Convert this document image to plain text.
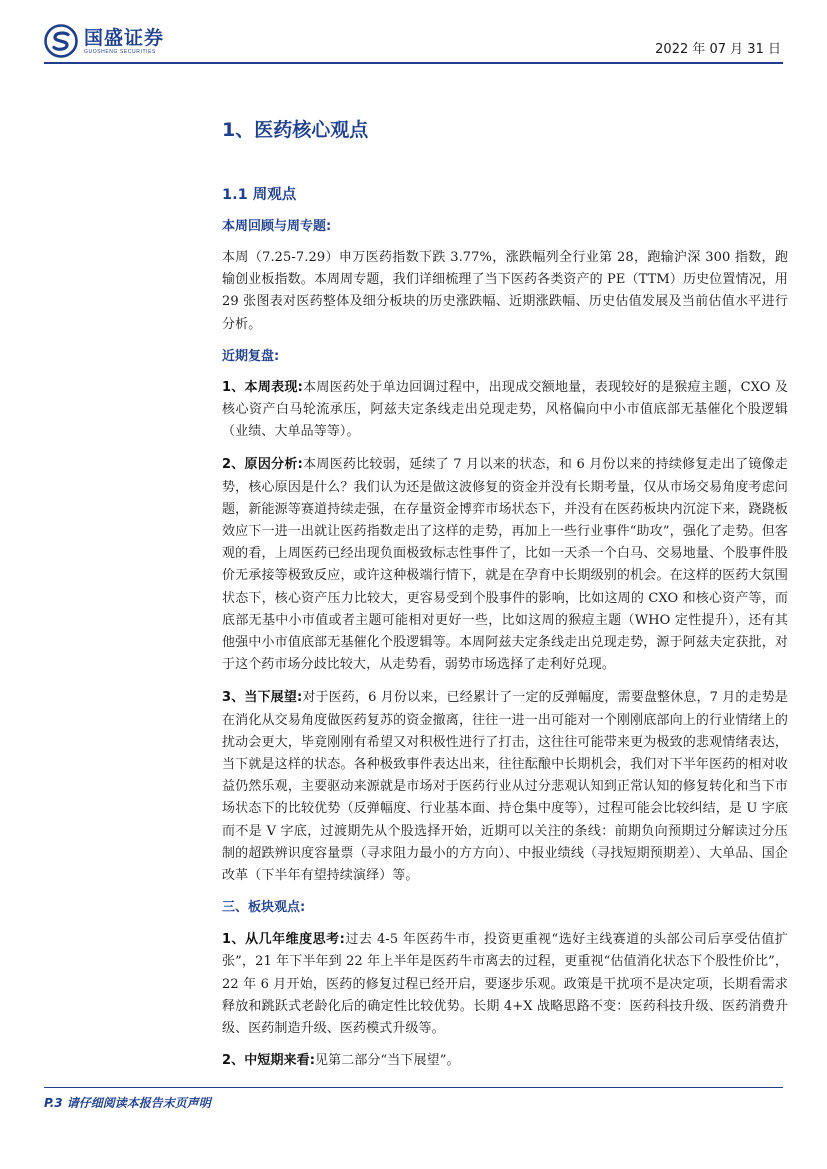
国盛证券
GUOSHENG SECURITIES	2022 年 07 月 31 日
1、医药核心观点
1.1 周观点
本周回顾与周专题:

本周（7.25-7.29）申万医药指数下跌 3.77%，涨跌幅列全行业第 28，跑输沪深 300 指数，跑输创业板指数。本周周专题，我们详细梳理了当下医药各类资产的 PE（TTM）历史位置情况，用 29 张图表对医药整体及细分板块的历史涨跌幅、近期涨跌幅、历史估值发展及当前估值水平进行分析。

近期复盘:

1、本周表现:本周医药处于单边回调过程中，出现成交额地量，表现较好的是猴痘主题，CXO 及核心资产白马轮流承压，阿兹夫定条线走出兑现走势，风格偏向中小市值底部无基催化个股逻辑（业绩、大单品等等）。

2、原因分析:本周医药比较弱，延续了 7 月以来的状态，和 6 月份以来的持续修复走出了镜像走势，核心原因是什么？我们认为还是做这波修复的资金并没有长期考量，仅从市场交易角度考虑问题，新能源等赛道持续走强，在存量资金博弈市场状态下，并没有在医药板块内沉淀下来，跷跷板效应下一进一出就让医药指数走出了这样的走势，再加上一些行业事件“助攻”，强化了走势。但客观的看，上周医药已经出现负面极致标志性事件了，比如一天杀一个白马、交易地量、个股事件股价无承接等极致反应，或许这种极端行情下，就是在孕育中长期级别的机会。在这样的医药大氛围状态下，核心资产压力比较大，更容易受到个股事件的影响，比如这周的 CXO 和核心资产等，而底部无基中小市值或者主题可能相对更好一些，比如这周的猴痘主题（WHO 定性提升），还有其他强中小市值底部无基催化个股逻辑等。本周阿兹夫定条线走出兑现走势，源于阿兹夫定获批，对于这个药市场分歧比较大，从走势看，弱势市场选择了走利好兑现。

3、当下展望:对于医药，6 月份以来，已经累计了一定的反弹幅度，需要盘整休息，7 月的走势是在消化从交易角度做医药复苏的资金撤离，往往一进一出可能对一个刚刚底部向上的行业情绪上的扰动会更大，毕竟刚刚有希望又对积极性进行了打击，这往往可能带来更为极致的悲观情绪表达，当下就是这样的状态。各种极致事件表达出来，往往酝酿中长期机会，我们对下半年医药的相对收益仍然乐观，主要驱动来源就是市场对于医药行业从过分悲观认知到正常认知的修复转化和当下市场状态下的比较优势（反弹幅度、行业基本面、持仓集中度等），过程可能会比较纠结，是 U 字底而不是 V 字底，过渡期先从个股选择开始，近期可以关注的条线：前期负向预期过分解读过分压制的超跌辨识度容量票（寻求阻力最小的方方向）、中报业绩线（寻找短期预期差）、大单品、国企改革（下半年有望持续演绎）等。

三、板块观点:

1、从几年维度思考:过去 4-5 年医药牛市，投资更重视“选好主线赛道的头部公司后享受估值扩张”，21 年下半年到 22 年上半年是医药牛市离去的过程，更重视“估值消化状态下个股性价比”，22 年 6 月开始，医药的修复过程已经开启，要逐步乐观。政策是干扰项不是决定项，长期看需求释放和跳跃式老龄化后的确定性比较优势。长期 4+X 战略思路不变：医药科技升级、医药消费升级、医药制造升级、医药模式升级等。

2、中短期来看:见第二部分“当下展望”。

P.3 请仔细阅读本报告末页声明
